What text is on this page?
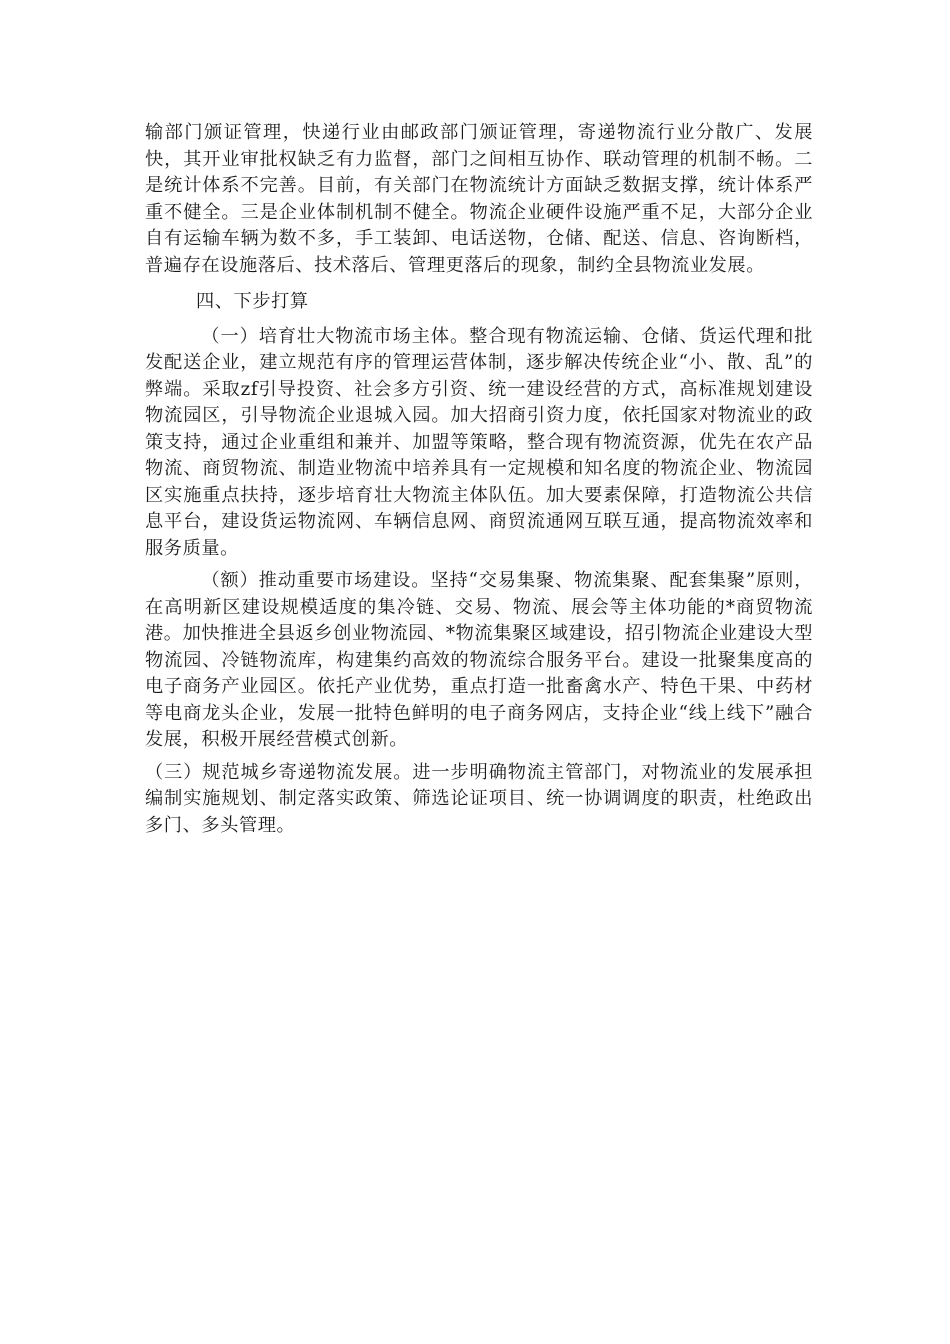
输部门颁证管理，快递行业由邮政部门颁证管理，寄递物流行业分散广、发展快，其开业审批权缺乏有力监督，部门之间相互协作、联动管理的机制不畅。二是统计体系不完善。目前，有关部门在物流统计方面缺乏数据支撑，统计体系严重不健全。三是企业体制机制不健全。物流企业硬件设施严重不足，大部分企业自有运输车辆为数不多，手工装卸、电话送物，仓储、配送、信息、咨询断档，普遍存在设施落后、技术落后、管理更落后的现象，制约全县物流业发展。

四、下步打算

（一）培育壮大物流市场主体。整合现有物流运输、仓储、货运代理和批发配送企业，建立规范有序的管理运营体制，逐步解决传统企业“小、散、乱”的弊端。采取zf引导投资、社会多方引资、统一建设经营的方式，高标准规划建设物流园区，引导物流企业退城入园。加大招商引资力度，依托国家对物流业的政策支持，通过企业重组和兼并、加盟等策略，整合现有物流资源，优先在农产品物流、商贸物流、制造业物流中培养具有一定规模和知名度的物流企业、物流园区实施重点扶持，逐步培育壮大物流主体队伍。加大要素保障，打造物流公共信息平台，建设货运物流网、车辆信息网、商贸流通网互联互通，提高物流效率和服务质量。

（额）推动重要市场建设。坚持“交易集聚、物流集聚、配套集聚”原则，在高明新区建设规模适度的集冷链、交易、物流、展会等主体功能的*商贸物流港。加快推进全县返乡创业物流园、*物流集聚区域建设，招引物流企业建设大型物流园、冷链物流库，构建集约高效的物流综合服务平台。建设一批聚集度高的电子商务产业园区。依托产业优势，重点打造一批畜禽水产、特色干果、中药材等电商龙头企业，发展一批特色鲜明的电子商务网店，支持企业“线上线下”融合发展，积极开展经营模式创新。

（三）规范城乡寄递物流发展。进一步明确物流主管部门，对物流业的发展承担编制实施规划、制定落实政策、筛选论证项目、统一协调调度的职责，杜绝政出多门、多头管理。
